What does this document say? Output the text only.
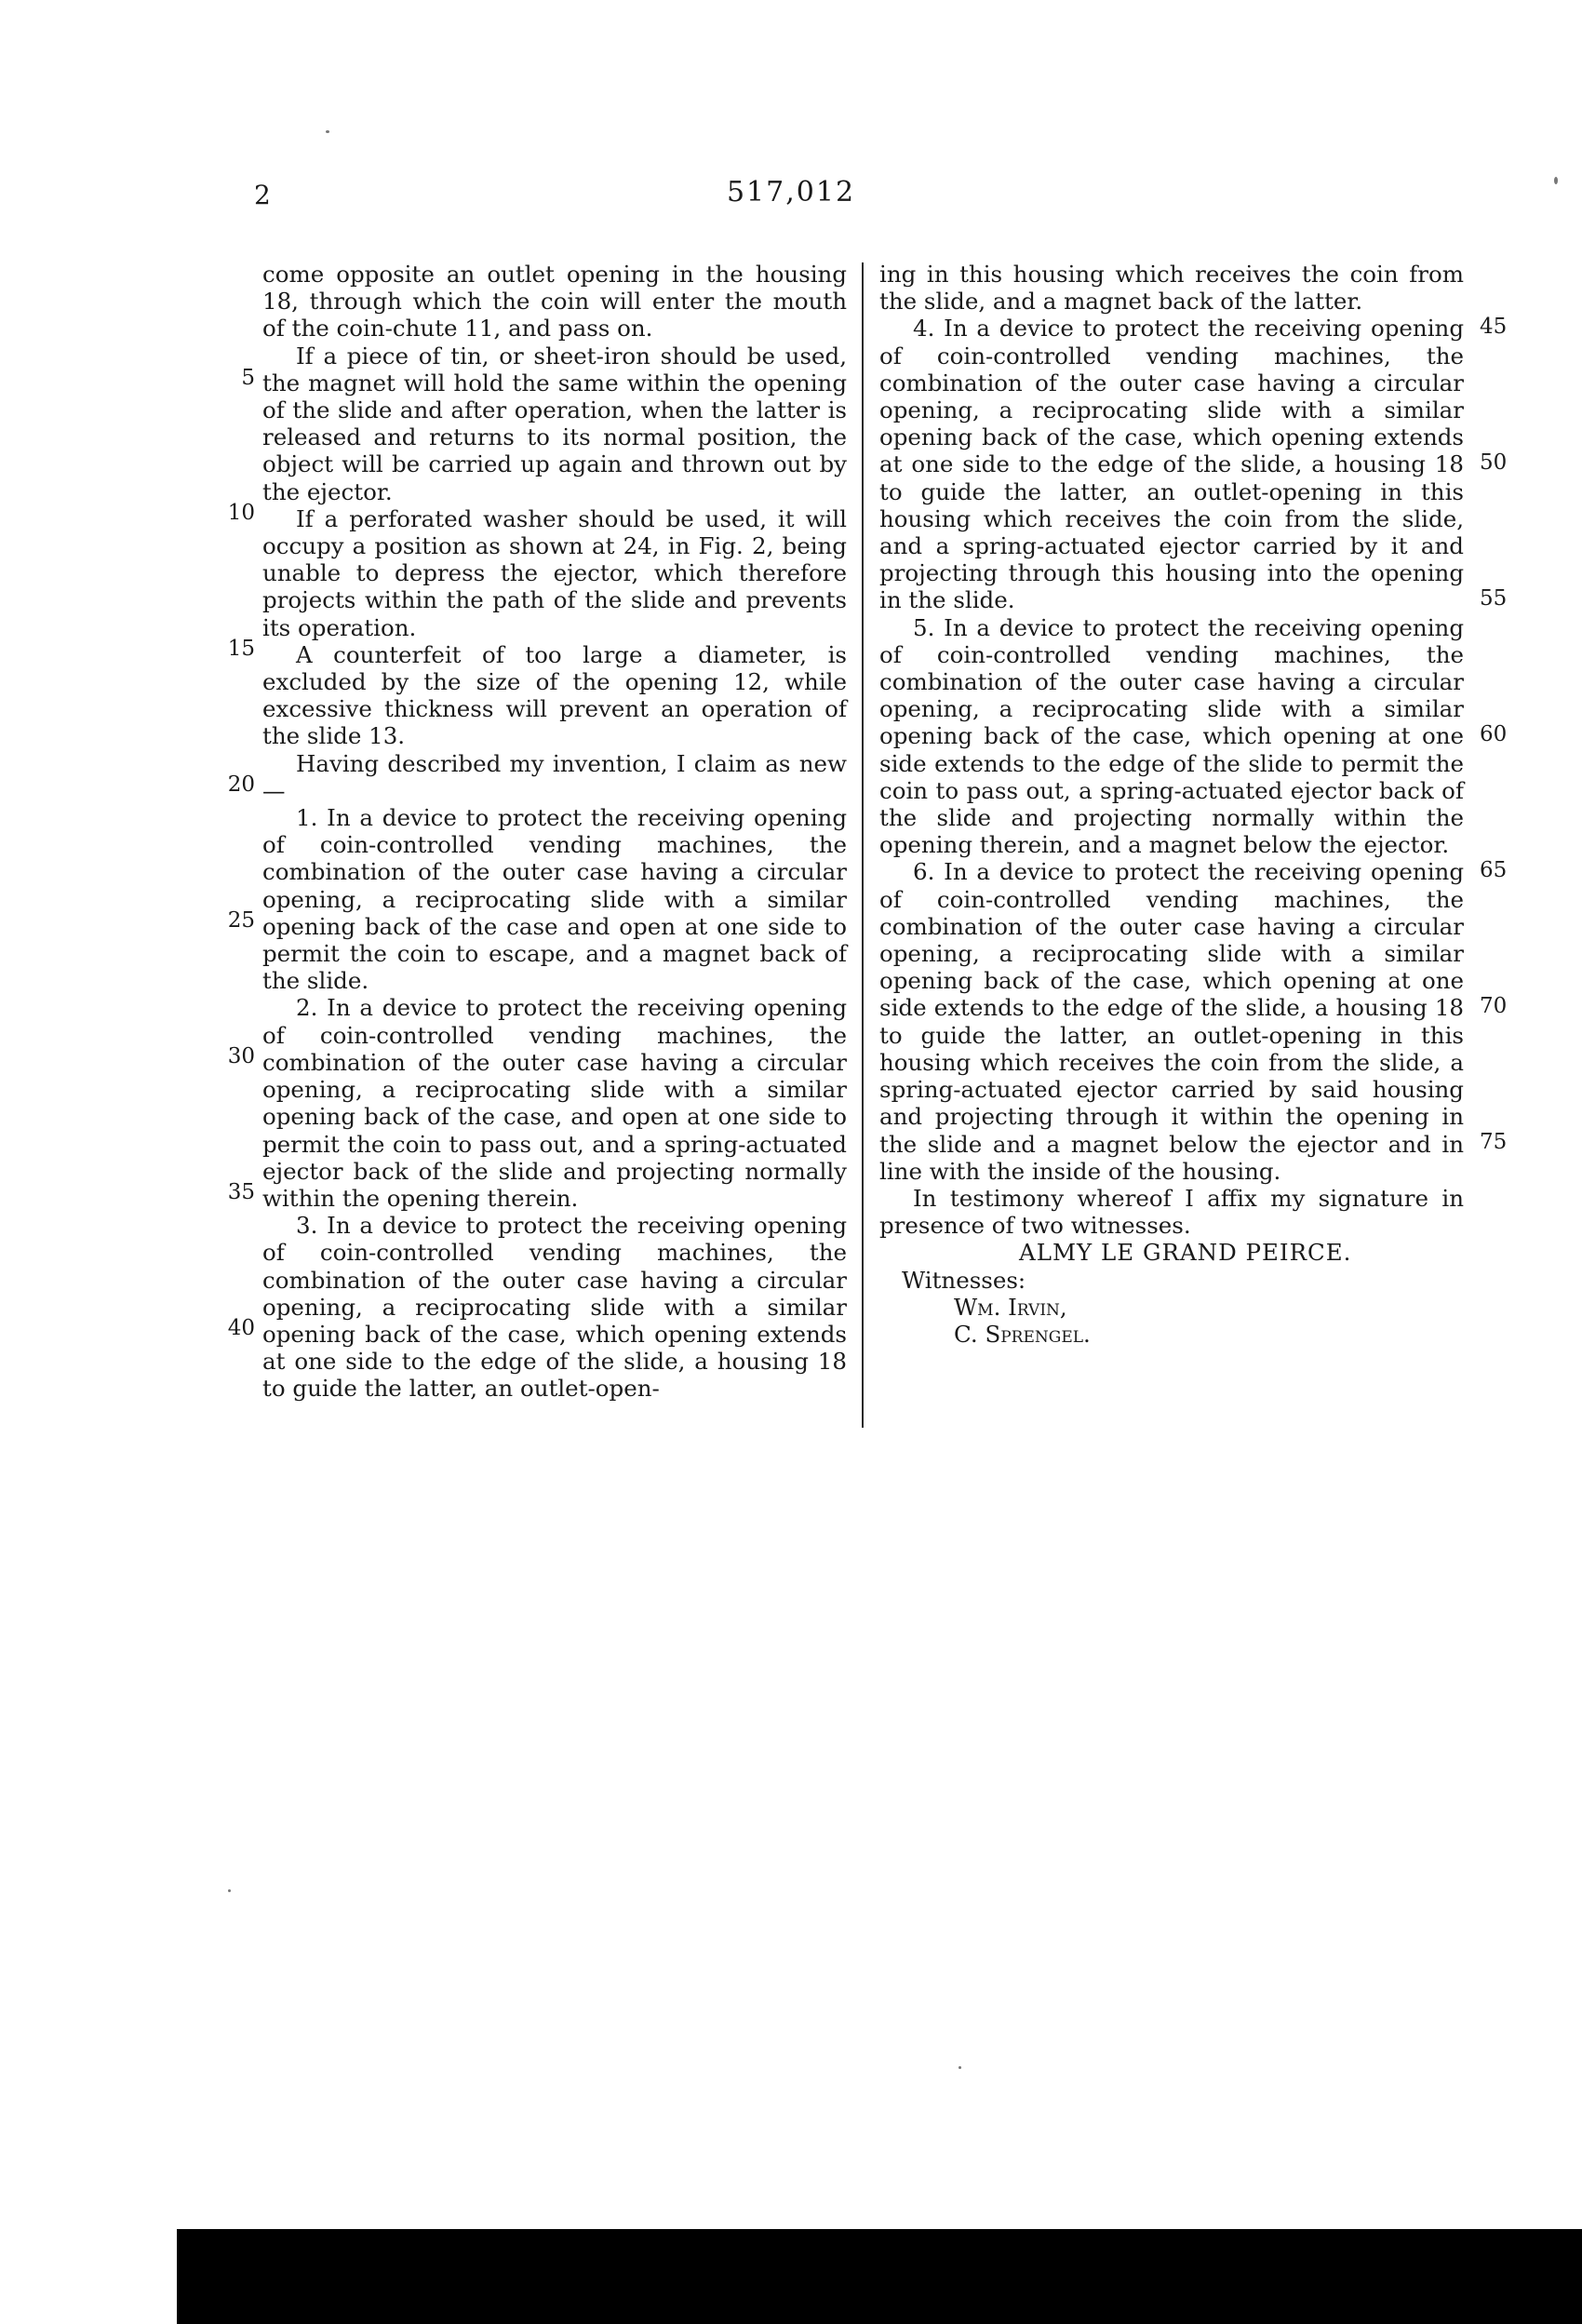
2	517,012

come opposite an outlet opening in the housing 18, through which the coin will enter the mouth of the coin-chute 11, and pass on.

If a piece of tin, or sheet-iron should be used, the magnet will hold the same within the opening of the slide and after operation, when the latter is released and returns to its normal position, the object will be carried up again and thrown out by the ejector.

If a perforated washer should be used, it will occupy a position as shown at 24, in Fig. 2, being unable to depress the ejector, which therefore projects within the path of the slide and prevents its operation.

A counterfeit of too large a diameter, is excluded by the size of the opening 12, while excessive thickness will prevent an operation of the slide 13.

Having described my invention, I claim as new—

1. In a device to protect the receiving opening of coin-controlled vending machines, the combination of the outer case having a circular opening, a reciprocating slide with a similar opening back of the case and open at one side to permit the coin to escape, and a magnet back of the slide.

2. In a device to protect the receiving opening of coin-controlled vending machines, the combination of the outer case having a circular opening, a reciprocating slide with a similar opening back of the case, and open at one side to permit the coin to pass out, and a spring-actuated ejector back of the slide and projecting normally within the opening therein.

3. In a device to protect the receiving opening of coin-controlled vending machines, the combination of the outer case having a circular opening, a reciprocating slide with a similar opening back of the case, which opening extends at one side to the edge of the slide, a housing 18 to guide the latter, an outlet-open-

ing in this housing which receives the coin from the slide, and a magnet back of the latter.

4. In a device to protect the receiving opening of coin-controlled vending machines, the combination of the outer case having a circular opening, a reciprocating slide with a similar opening back of the case, which opening extends at one side to the edge of the slide, a housing 18 to guide the latter, an outlet-opening in this housing which receives the coin from the slide, and a spring-actuated ejector carried by it and projecting through this housing into the opening in the slide.

5. In a device to protect the receiving opening of coin-controlled vending machines, the combination of the outer case having a circular opening, a reciprocating slide with a similar opening back of the case, which opening at one side extends to the edge of the slide to permit the coin to pass out, a spring-actuated ejector back of the slide and projecting normally within the opening therein, and a magnet below the ejector.

6. In a device to protect the receiving opening of coin-controlled vending machines, the combination of the outer case having a circular opening, a reciprocating slide with a similar opening back of the case, which opening at one side extends to the edge of the slide, a housing 18 to guide the latter, an outlet-opening in this housing which receives the coin from the slide, a spring-actuated ejector carried by said housing and projecting through it within the opening in the slide and a magnet below the ejector and in line with the inside of the housing.

In testimony whereof I affix my signature in presence of two witnesses.

ALMY LE GRAND PEIRCE.
Witnesses:
Wm. Irvin,
C. Sprengel.
5
10
15
20
25
30
35
40
45
50
55
60
65
70
75
